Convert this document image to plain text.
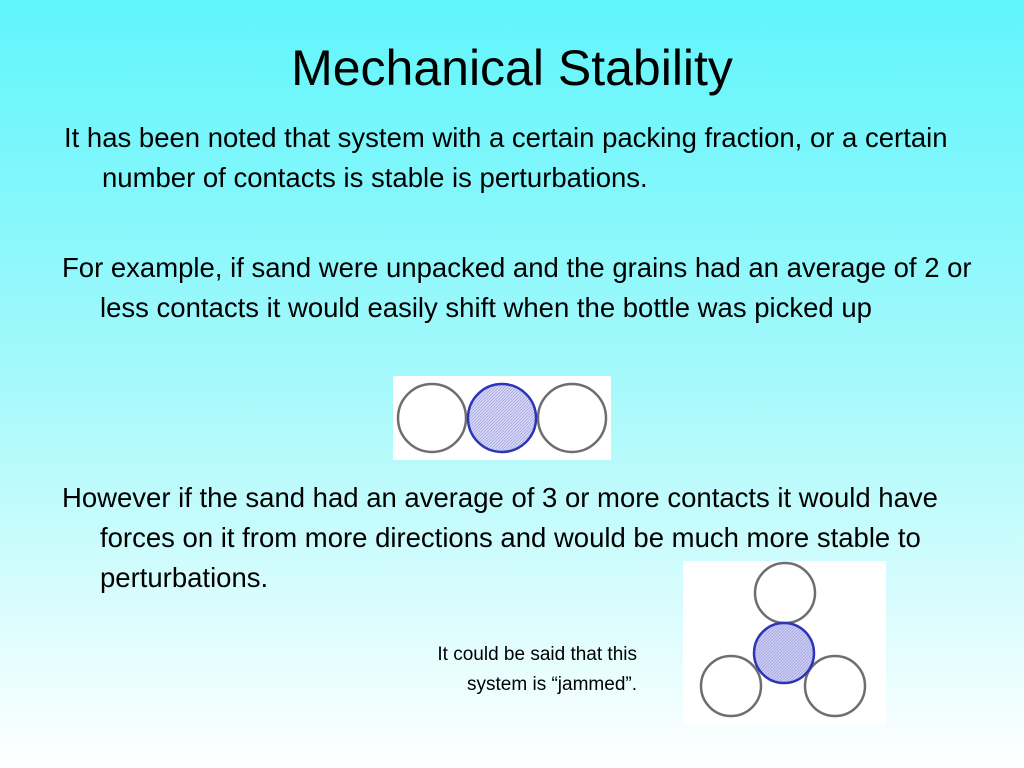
Mechanical Stability

It has been noted that system with a certain packing fraction, or a certain number of contacts is stable is perturbations.

For example, if sand were unpacked and the grains had an average of 2 or less contacts it would easily shift when the bottle was picked up

However if the sand had an average of 3 or more contacts it would have forces on it from more directions and would be much more stable to perturbations.

It could be said that this
system is “jammed”.
